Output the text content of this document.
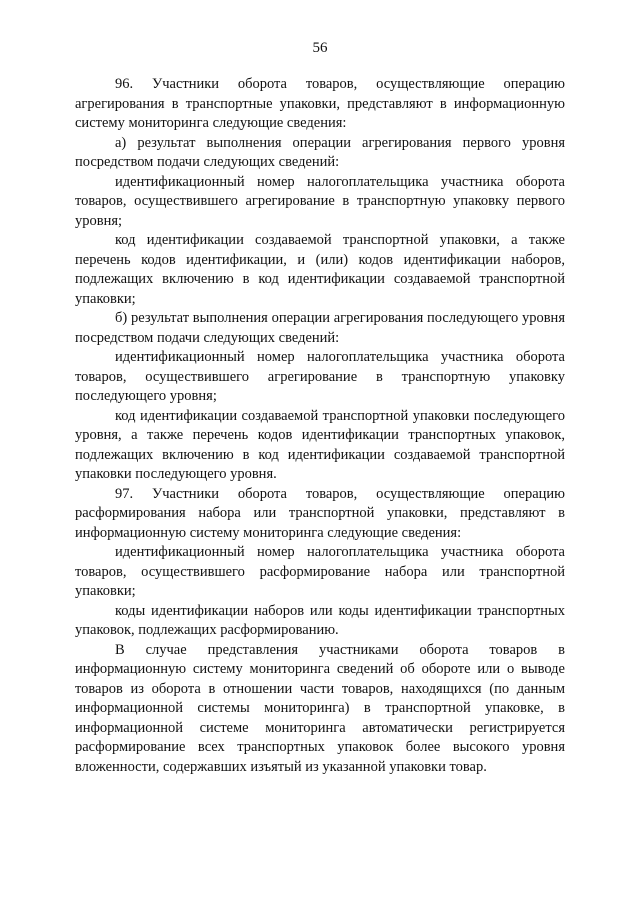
56

96. Участники оборота товаров, осуществляющие операцию агрегирования в транспортные упаковки, представляют в информационную систему мониторинга следующие сведения:

а) результат выполнения операции агрегирования первого уровня посредством подачи следующих сведений:

идентификационный номер налогоплательщика участника оборота товаров, осуществившего агрегирование в транспортную упаковку первого уровня;

код идентификации создаваемой транспортной упаковки, а также перечень кодов идентификации, и (или) кодов идентификации наборов, подлежащих включению в код идентификации создаваемой транспортной упаковки;

б) результат выполнения операции агрегирования последующего уровня посредством подачи следующих сведений:

идентификационный номер налогоплательщика участника оборота товаров, осуществившего агрегирование в транспортную упаковку последующего уровня;

код идентификации создаваемой транспортной упаковки последующего уровня, а также перечень кодов идентификации транспортных упаковок, подлежащих включению в код идентификации создаваемой транспортной упаковки последующего уровня.

97. Участники оборота товаров, осуществляющие операцию расформирования набора или транспортной упаковки, представляют в информационную систему мониторинга следующие сведения:

идентификационный номер налогоплательщика участника оборота товаров, осуществившего расформирование набора или транспортной упаковки;

коды идентификации наборов или коды идентификации транспортных упаковок, подлежащих расформированию.

В случае представления участниками оборота товаров в информационную систему мониторинга сведений об обороте или о выводе товаров из оборота в отношении части товаров, находящихся (по данным информационной системы мониторинга) в транспортной упаковке, в информационной системе мониторинга автоматически регистрируется расформирование всех транспортных упаковок более высокого уровня вложенности, содержавших изъятый из указанной упаковки товар.
